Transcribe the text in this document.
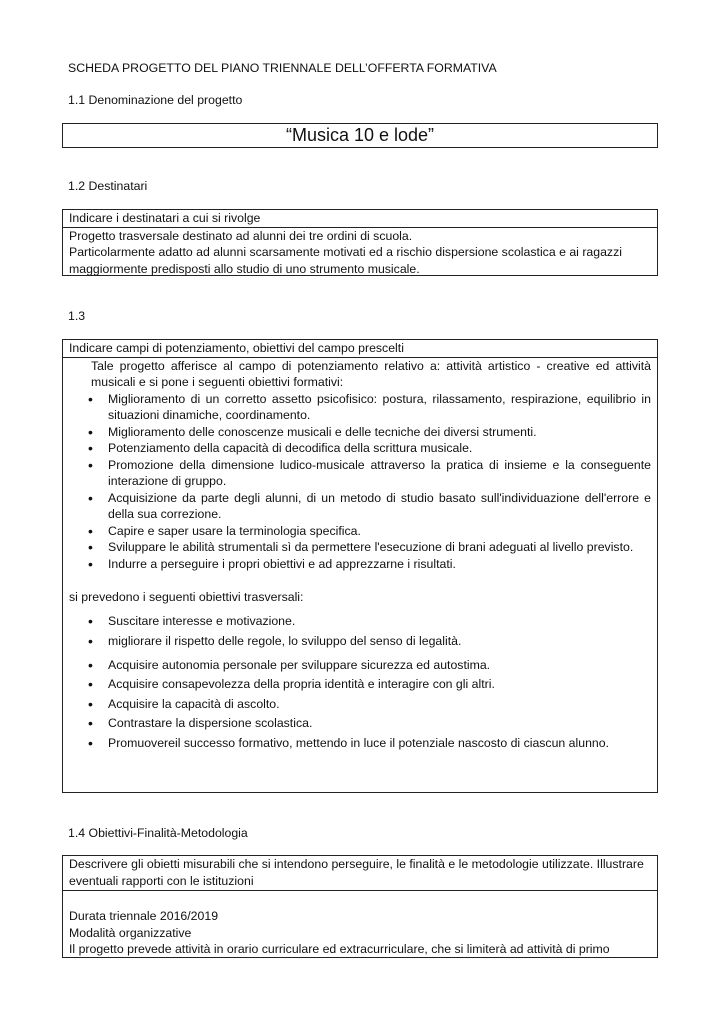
SCHEDA PROGETTO DEL PIANO TRIENNALE DELL’OFFERTA FORMATIVA
1.1 Denominazione del progetto
“Musica 10 e lode”
1.2 Destinatari
Indicare i destinatari a cui si rivolge
Progetto trasversale destinato ad alunni dei tre ordini di scuola.
Particolarmente adatto ad alunni scarsamente motivati ed a rischio dispersione scolastica e ai ragazzi maggiormente predisposti allo studio di uno strumento musicale.
1.3
Indicare campi di potenziamento, obiettivi del campo prescelti
Tale progetto afferisce al campo di potenziamento relativo a: attività artistico - creative ed attività musicali e si pone i seguenti obiettivi formativi:
• Miglioramento di un corretto assetto psicofisico: postura, rilassamento, respirazione, equilibrio in situazioni dinamiche, coordinamento.
• Miglioramento delle conoscenze musicali e delle tecniche dei diversi strumenti.
• Potenziamento della capacità di decodifica della scrittura musicale.
• Promozione della dimensione ludico-musicale attraverso la pratica di insieme e la conseguente interazione di gruppo.
• Acquisizione da parte degli alunni, di un metodo di studio basato sull'individuazione dell'errore e della sua correzione.
• Capire e saper usare la terminologia specifica.
• Sviluppare le abilità strumentali sì da permettere l'esecuzione di brani adeguati al livello previsto.
• Indurre a perseguire i propri obiettivi e ad apprezzarne i risultati.
si prevedono i seguenti obiettivi trasversali:
• Suscitare interesse e motivazione.
• migliorare il rispetto delle regole, lo sviluppo del senso di legalità.
• Acquisire autonomia personale per sviluppare sicurezza ed autostima.
• Acquisire consapevolezza della propria identità e interagire con gli altri.
• Acquisire la capacità di ascolto.
• Contrastare la dispersione scolastica.
• Promuovereil successo formativo, mettendo in luce il potenziale nascosto di ciascun alunno.
1.4 Obiettivi-Finalità-Metodologia
Descrivere gli obietti misurabili che si intendono perseguire, le finalità e le metodologie utilizzate. Illustrare eventuali rapporti con le istituzioni
Durata triennale 2016/2019
Modalità organizzative
Il progetto prevede attività in orario curriculare ed extracurriculare, che si limiterà ad attività di primo
